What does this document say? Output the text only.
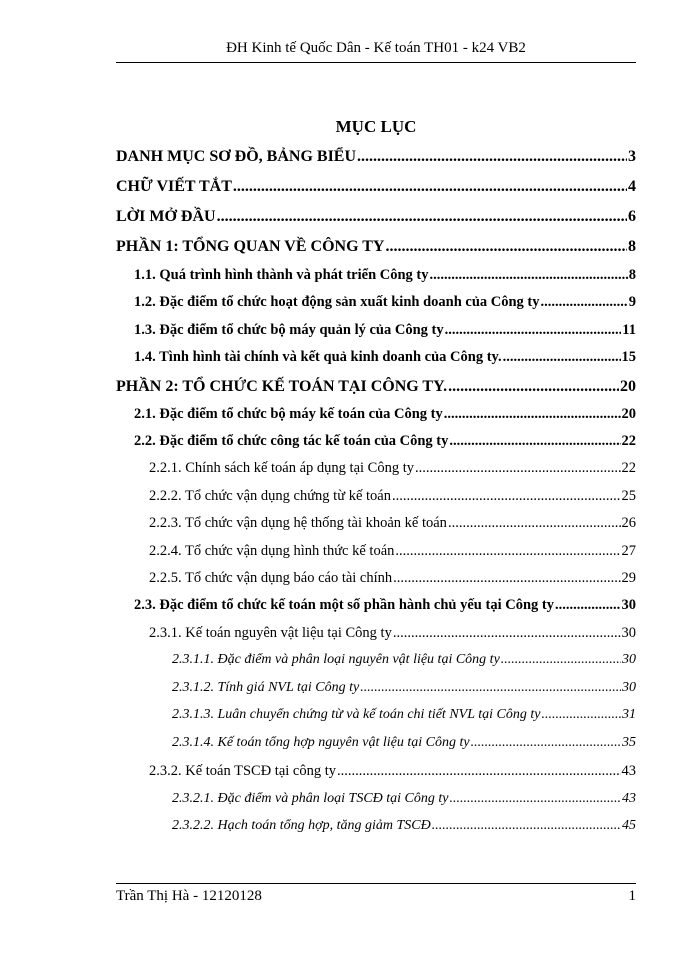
ĐH Kinh tế Quốc Dân - Kế toán TH01 - k24 VB2
MỤC LỤC
DANH MỤC SƠ ĐỒ, BẢNG BIỂU .....	3
CHỮ VIẾT TẮT .....	4
LỜI MỞ ĐẦU .....	6
PHẦN 1: TỔNG QUAN VỀ CÔNG TY .....	8
1.1. Quá trình hình thành và phát triển Công ty .....	8
1.2. Đặc điểm tổ chức hoạt động sản xuất kinh doanh của Công ty .....	9
1.3. Đặc điểm tổ chức bộ máy quản lý của Công ty .....	11
1.4. Tình hình tài chính và kết quả kinh doanh của Công ty. .....	15
PHẦN 2: TỔ CHỨC KẾ TOÁN TẠI CÔNG TY. .....	20
2.1. Đặc điểm tổ chức bộ máy kế toán của Công ty .....	20
2.2. Đặc điểm tổ chức công tác kế toán của Công ty .....	22
2.2.1. Chính sách kế toán áp dụng tại Công ty .....	22
2.2.2. Tổ chức vận dụng chứng từ kế toán .....	25
2.2.3. Tổ chức vận dụng hệ thống tài khoản kế toán .....	26
2.2.4. Tổ chức vận dụng hình thức kế toán .....	27
2.2.5. Tổ chức vận dụng báo cáo tài chính .....	29
2.3. Đặc điểm tổ chức kế toán một số phần hành chủ yếu tại Công ty .....	30
2.3.1. Kế toán nguyên vật liệu tại Công ty .....	30
2.3.1.1. Đặc điểm và phân loại nguyên vật liệu tại Công ty .....	30
2.3.1.2. Tính giá NVL tại Công ty .....	30
2.3.1.3. Luân chuyển chứng từ và kế toán chi tiết NVL tại Công ty .....	31
2.3.1.4. Kế toán tổng hợp nguyên vật liệu tại Công ty .....	35
2.3.2. Kế toán TSCĐ tại công ty .....	43
2.3.2.1. Đặc điểm và phân loại TSCĐ tại Công ty .....	43
2.3.2.2. Hạch toán tổng hợp, tăng giảm TSCĐ .....	45
Trần Thị Hà - 12120128	1
